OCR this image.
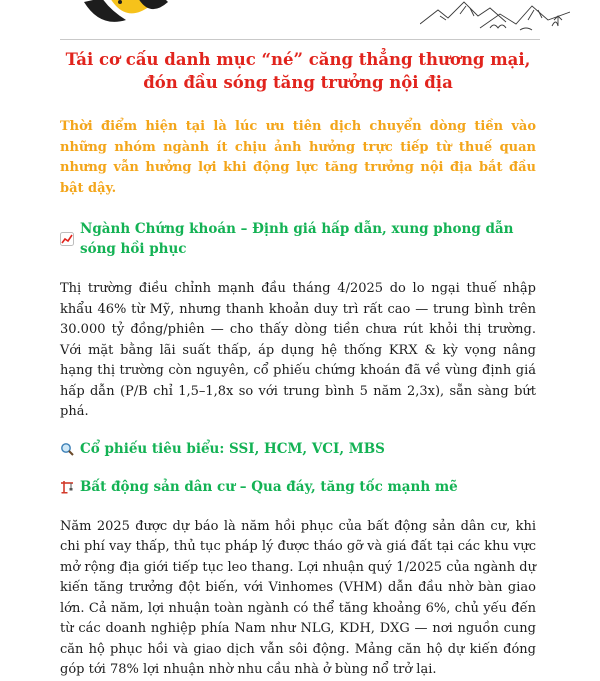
Tái cơ cấu danh mục “né” căng thẳng thương mại, đón đầu sóng tăng trưởng nội địa
Thời điểm hiện tại là lúc ưu tiên dịch chuyển dòng tiền vào những nhóm ngành ít chịu ảnh hưởng trực tiếp từ thuế quan nhưng vẫn hưởng lợi khi động lực tăng trưởng nội địa bắt đầu bật dậy.
Ngành Chứng khoán – Định giá hấp dẫn, xung phong dẫn sóng hồi phục
Thị trường điều chỉnh mạnh đầu tháng 4/2025 do lo ngại thuế nhập khẩu 46% từ Mỹ, nhưng thanh khoản duy trì rất cao — trung bình trên 30.000 tỷ đồng/phiên — cho thấy dòng tiền chưa rút khỏi thị trường. Với mặt bằng lãi suất thấp, áp dụng hệ thống KRX & kỳ vọng nâng hạng thị trường còn nguyên, cổ phiếu chứng khoán đã về vùng định giá hấp dẫn (P/B chỉ 1,5–1,8x so với trung bình 5 năm 2,3x), sẵn sàng bứt phá.
Cổ phiếu tiêu biểu: SSI, HCM, VCI, MBS
Bất động sản dân cư – Qua đáy, tăng tốc mạnh mẽ
Năm 2025 được dự báo là năm hồi phục của bất động sản dân cư, khi chi phí vay thấp, thủ tục pháp lý được tháo gỡ và giá đất tại các khu vực mở rộng địa giới tiếp tục leo thang. Lợi nhuận quý 1/2025 của ngành dự kiến tăng trưởng đột biến, với Vinhomes (VHM) dẫn đầu nhờ bàn giao lớn. Cả năm, lợi nhuận toàn ngành có thể tăng khoảng 6%, chủ yếu đến từ các doanh nghiệp phía Nam như NLG, KDH, DXG — nơi nguồn cung căn hộ phục hồi và giao dịch vẫn sôi động. Mảng căn hộ dự kiến đóng góp tới 78% lợi nhuận nhờ nhu cầu nhà ở bùng nổ trở lại.
